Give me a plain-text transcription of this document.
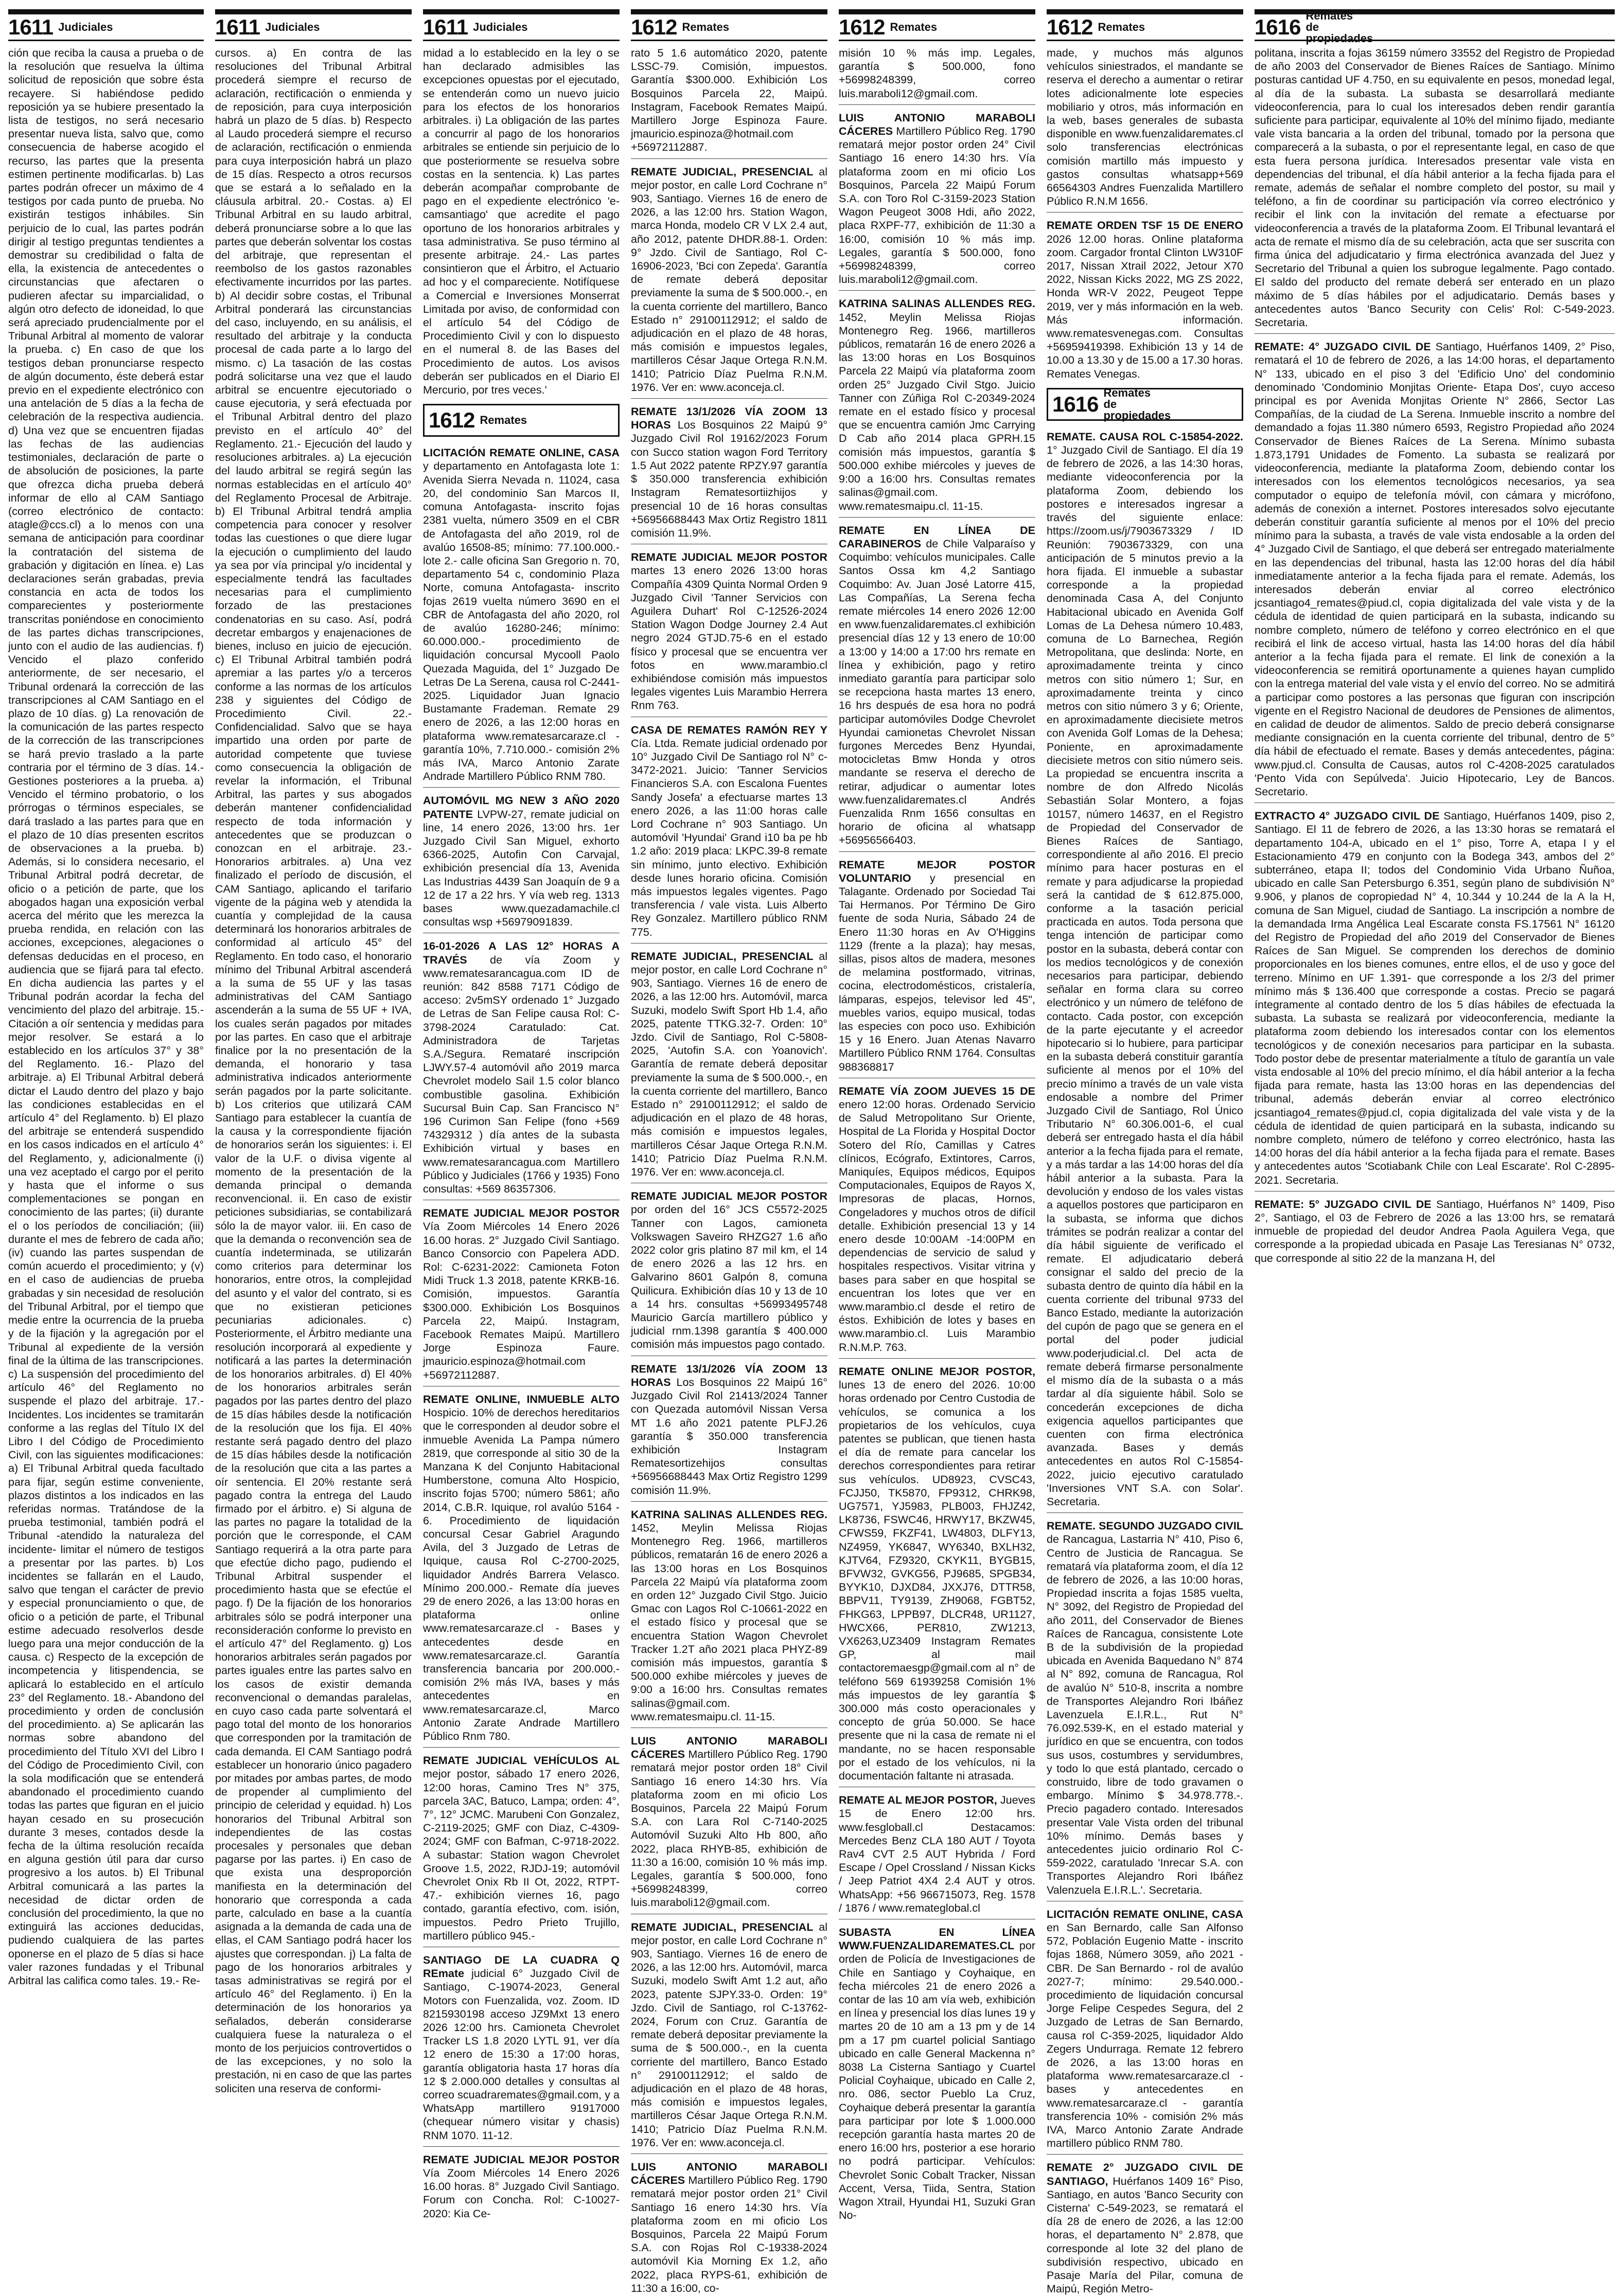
1611 Judiciales	1611 Judiciales	1611 Judiciales	1612 Remates	1612 Remates	1612 Remates	1616 Remates de propiedades

ción que reciba la causa a prueba o de la resolución que resuelva la última solicitud de reposición que sobre ésta recayere. Si habiéndose pedido reposición ya se hubiere presentado la lista de testigos, no será necesario presentar nueva lista, salvo que, como consecuencia de haberse acogido el recurso, las partes que la presenta estimen pertinente modificarlas. b) Las partes podrán ofrecer un máximo de 4 testigos por cada punto de prueba. No existirán testigos inhábiles. Sin perjuicio de lo cual, las partes podrán dirigir al testigo preguntas tendientes a demostrar su credibilidad o falta de ella, la existencia de antecedentes o circunstancias que afectaren o pudieren afectar su imparcialidad, o algún otro defecto de idoneidad, lo que será apreciado prudencialmente por el Tribunal Arbitral al momento de valorar la prueba. c) En caso de que los testigos deban pronunciarse respecto de algún documento, éste deberá estar previo en el expediente electrónico con una antelación de 5 días a la fecha de celebración de la respectiva audiencia. d) Una vez que se encuentren fijadas las fechas de las audiencias testimoniales, declaración de parte o de absolución de posiciones, la parte que ofrezca dicha prueba deberá informar de ello al CAM Santiago (correo electrónico de contacto: atagle@ccs.cl) a lo menos con una semana de anticipación para coordinar la contratación del sistema de grabación y digitación en línea. e) Las declaraciones serán grabadas, previa constancia en acta de todos los comparecientes y posteriormente transcritas poniéndose en conocimiento de las partes dichas transcripciones, junto con el audio de las audiencias. f) Vencido el plazo conferido anteriormente, de ser necesario, el Tribunal ordenará la corrección de las transcripciones al CAM Santiago en el plazo de 10 días. g) La renovación de la comunicación de las partes respecto de la corrección de las transcripciones se hará previo traslado a la parte contraria por el término de 3 días. 14.- Gestiones posteriores a la prueba. a) Vencido el término probatorio, o los prórrogas o términos especiales, se dará traslado a las partes para que en el plazo de 10 días presenten escritos de observaciones a la prueba. b) Además, si lo considera necesario, el Tribunal Arbitral podrá decretar, de oficio o a petición de parte, que los abogados hagan una exposición verbal acerca del mérito que les merezca la prueba rendida, en relación con las acciones, excepciones, alegaciones o defensas deducidas en el proceso, en audiencia que se fijará para tal efecto. En dicha audiencia las partes y el Tribunal podrán acordar la fecha del vencimiento del plazo del arbitraje. 15.- Citación a oír sentencia y medidas para mejor resolver. Se estará a lo establecido en los artículos 37° y 38° del Reglamento. 16.- Plazo del arbitraje. a) El Tribunal Arbitral deberá dictar el Laudo dentro del plazo y bajo las condiciones establecidas en el artículo 4° del Reglamento. b) El plazo del arbitraje se entenderá suspendido en los casos indicados en el artículo 4° del Reglamento, y, adicionalmente (i) una vez aceptado el cargo por el perito y hasta que el informe o sus complementaciones se pongan en conocimiento de las partes; (ii) durante el o los períodos de conciliación; (iii) durante el mes de febrero de cada año; (iv) cuando las partes suspendan de común acuerdo el procedimiento; y (v) en el caso de audiencias de prueba grabadas y sin necesidad de resolución del Tribunal Arbitral, por el tiempo que medie entre la ocurrencia de la prueba y de la fijación y la agregación por el Tribunal al expediente de la versión final de la última de las transcripciones. c) La suspensión del procedimiento del artículo 46° del Reglamento no suspende el plazo del arbitraje. 17.- Incidentes. Los incidentes se tramitarán conforme a las reglas del Título IX del Libro I del Código de Procedimiento Civil, con las siguientes modificaciones: a) El Tribunal Arbitral queda facultado para fijar, según estime conveniente, plazos distintos a los indicados en las referidas normas. Tratándose de la prueba testimonial, también podrá el Tribunal -atendido la naturaleza del incidente- limitar el número de testigos a presentar por las partes. b) Los incidentes se fallarán en el Laudo, salvo que tengan el carácter de previo y especial pronunciamiento o que, de oficio o a petición de parte, el Tribunal estime adecuado resolverlos desde luego para una mejor conducción de la causa. c) Respecto de la excepción de incompetencia y litispendencia, se aplicará lo establecido en el artículo 23° del Reglamento. 18.- Abandono del procedimiento y orden de conclusión del procedimiento. a) Se aplicarán las normas sobre abandono del procedimiento del Título XVI del Libro I del Código de Procedimiento Civil, con la sola modificación que se entenderá abandonado el procedimiento cuando todas las partes que figuran en el juicio hayan cesado en su prosecución durante 3 meses, contados desde la fecha de la última resolución recaída en alguna gestión útil para dar curso progresivo a los autos. b) El Tribunal Arbitral comunicará a las partes la necesidad de dictar orden de conclusión del procedimiento, la que no extinguirá las acciones deducidas, pudiendo cualquiera de las partes oponerse en el plazo de 5 días si hace valer razones fundadas y el Tribunal Arbitral las califica como tales. 19.- Re-

cursos. a) En contra de las resoluciones del Tribunal Arbitral procederá siempre el recurso de aclaración, rectificación o enmienda y de reposición, para cuya interposición habrá un plazo de 5 días. b) Respecto al Laudo procederá siempre el recurso de aclaración, rectificación o enmienda para cuya interposición habrá un plazo de 15 días. Respecto a otros recursos que se estará a lo señalado en la cláusula arbitral. 20.- Costas. a) El Tribunal Arbitral en su laudo arbitral, deberá pronunciarse sobre a lo que las partes que deberán solventar los costas del arbitraje, que representan el reembolso de los gastos razonables efectivamente incurridos por las partes. b) Al decidir sobre costas, el Tribunal Arbitral ponderará las circunstancias del caso, incluyendo, en su análisis, el resultado del arbitraje y la conducta procesal de cada parte a lo largo del mismo. c) La tasación de las costas podrá solicitarse una vez que el laudo arbitral se encuentre ejecutoriado o cause ejecutoria, y será efectuada por el Tribunal Arbitral dentro del plazo previsto en el artículo 40° del Reglamento. 21.- Ejecución del laudo y resoluciones arbitrales. a) La ejecución del laudo arbitral se regirá según las normas establecidas en el artículo 40° del Reglamento Procesal de Arbitraje. b) El Tribunal Arbitral tendrá amplia competencia para conocer y resolver todas las cuestiones o que diere lugar la ejecución o cumplimiento del laudo ya sea por vía principal y/o incidental y especialmente tendrá las facultades necesarias para el cumplimiento forzado de las prestaciones condenatorias en su caso. Así, podrá decretar embargos y enajenaciones de bienes, incluso en juicio de ejecución. c) El Tribunal Arbitral también podrá apremiar a las partes y/o a terceros conforme a las normas de los artículos 238 y siguientes del Código de Procedimiento Civil. 22.- Confidencialidad. Salvo que se haya impartido una orden por parte de autoridad competente que tuviese como consecuencia la obligación de revelar la información, el Tribunal Arbitral, las partes y sus abogados deberán mantener confidencialidad respecto de toda información y antecedentes que se produzcan o conozcan en el arbitraje. 23.- Honorarios arbitrales. a) Una vez finalizado el período de discusión, el CAM Santiago, aplicando el tarifario vigente de la página web y atendida la cuantía y complejidad de la causa determinará los honorarios arbitrales de conformidad al artículo 45° del Reglamento. En todo caso, el honorario mínimo del Tribunal Arbitral ascenderá a la suma de 55 UF y las tasas administrativas del CAM Santiago ascenderán a la suma de 55 UF + IVA, los cuales serán pagados por mitades por las partes. En caso que el arbitraje finalice por la no presentación de la demanda, el honorario y tasa administrativa indicados anteriormente serán pagados por la parte solicitante. b) Los criterios que utilizará CAM Santiago para establecer la cuantía de la causa y la correspondiente fijación de honorarios serán los siguientes: i. El valor de la U.F. o divisa vigente al momento de la presentación de la demanda principal o demanda reconvencional. ii. En caso de existir peticiones subsidiarias, se contabilizará sólo la de mayor valor. iii. En caso de que la demanda o reconvención sea de cuantía indeterminada, se utilizarán como criterios para determinar los honorarios, entre otros, la complejidad del asunto y el valor del contrato, si es que no existieran peticiones pecuniarias adicionales. c) Posteriormente, el Árbitro mediante una resolución incorporará al expediente y notificará a las partes la determinación de los honorarios arbitrales. d) El 40% de los honorarios arbitrales serán pagados por las partes dentro del plazo de 15 días hábiles desde la notificación de la resolución que los fija. El 40% restante será pagado dentro del plazo de 15 días hábiles desde la notificación de la resolución que cita a las partes a oír sentencia. El 20% restante será pagado contra la entrega del Laudo firmado por el árbitro. e) Si alguna de las partes no pagare la totalidad de la porción que le corresponde, el CAM Santiago requerirá a la otra parte para que efectúe dicho pago, pudiendo el Tribunal Arbitral suspender el procedimiento hasta que se efectúe el pago. f) De la fijación de los honorarios arbitrales sólo se podrá interponer una reconsideración conforme lo previsto en el artículo 47° del Reglamento. g) Los honorarios arbitrales serán pagados por partes iguales entre las partes salvo en los casos de existir demanda reconvencional o demandas paralelas, en cuyo caso cada parte solventará el pago total del monto de los honorarios que corresponden por la tramitación de cada demanda. El CAM Santiago podrá establecer un honorario único pagadero por mitades por ambas partes, de modo de propender al cumplimiento del principio de celeridad y equidad. h) Los honorarios del Tribunal Arbitral son independientes de las costas procesales y personales que deban pagarse por las partes. i) En caso de que exista una desproporción manifiesta en la determinación del honorario que corresponda a cada parte, calculado en base a la cuantía asignada a la demanda de cada una de ellas, el CAM Santiago podrá hacer los ajustes que correspondan. j) La falta de pago de los honorarios arbitrales y tasas administrativas se regirá por el artículo 46° del Reglamento. i) En la determinación de los honorarios ya señalados, deberán considerarse cualquiera fuese la naturaleza o el monto de los perjuicios controvertidos o de las excepciones, y no solo la prestación, ni en caso de que las partes soliciten una reserva de conformi-

midad a lo establecido en la ley o se han declarado admisibles las excepciones opuestas por el ejecutado, se entenderán como un nuevo juicio para los efectos de los honorarios arbitrales. i) La obligación de las partes a concurrir al pago de los honorarios arbitrales se entiende sin perjuicio de lo que posteriormente se resuelva sobre costas en la sentencia. k) Las partes deberán acompañar comprobante de pago en el expediente electrónico 'e-camsantiago' que acredite el pago oportuno de los honorarios arbitrales y tasa administrativa. Se puso término al presente arbitraje. 24.- Las partes consintieron que el Árbitro, el Actuario ad hoc y el compareciente. Notifíquese a Comercial e Inversiones Monserrat Limitada por aviso, de conformidad con el artículo 54 del Código de Procedimiento Civil y con lo dispuesto en el numeral 8. de las Bases del Procedimiento de autos. Los avisos deberán ser publicados en el Diario El Mercurio, por tres veces.'

1612 Remates

LICITACIÓN REMATE ONLINE, CASA y departamento en Antofagasta lote 1: Avenida Sierra Nevada n. 11024, casa 20, del condominio San Marcos II, comuna Antofagasta- inscrito fojas 2381 vuelta, número 3509 en el CBR de Antofagasta del año 2019, rol de avalúo 16508-85; mínimo: 77.100.000.- lote 2.- calle oficina San Gregorio n. 70, departamento 54 c, condominio Plaza Norte, comuna Antofagasta- inscrito fojas 2619 vuelta número 3690 en el CBR de Antofagasta del año 2020, rol de avalúo 16280-246; mínimo: 60.000.000.- procedimiento de liquidación concursal Mycooll Paolo Quezada Maguida, del 1° Juzgado De Letras De La Serena, causa rol C-2441-2025. Liquidador Juan Ignacio Bustamante Frademan. Remate 29 enero de 2026, a las 12:00 horas en plataforma www.rematesarcaraze.cl - garantía 10%, 7.710.000.- comisión 2% más IVA, Marco Antonio Zarate Andrade Martillero Público RNM 780.

AUTOMÓVIL MG NEW 3 AÑO 2020 PATENTE LVPW-27, remate judicial on line, 14 enero 2026, 13:00 hrs. 1er Juzgado Civil San Miguel, exhorto 6366-2025, Autofin Con Carvajal, exhibición presencial día 13, Avenida Las Industrias 4439 San Joaquín de 9 a 12 de 17 a 22 hrs. Y vía web reg. 1313 bases www.quezadamachile.cl consultas wsp +56979091839.

16-01-2026 A LAS 12° HORAS A TRAVÉS de vía Zoom y www.rematesarancagua.com ID de reunión: 842 8588 7171 Código de acceso: 2v5mSY ordenado 1° Juzgado de Letras de San Felipe causa Rol: C-3798-2024 Caratulado: Cat. Administradora de Tarjetas S.A./Segura. Remataré inscripción LJWY.57-4 automóvil año 2019 marca Chevrolet modelo Sail 1.5 color blanco combustible gasolina. Exhibición Sucursal Buin Cap. San Francisco N° 196 Curimon San Felipe (fono +569 74329312 ) día antes de la subasta Exhibición virtual y bases en www.rematesarancagua.com Martillero Público y Judiciales (1766 y 1935) Fono consultas: +569 86357306.

REMATE JUDICIAL MEJOR POSTOR Vía Zoom Miércoles 14 Enero 2026 16.00 horas. 2° Juzgado Civil Santiago. Banco Consorcio con Papelera ADD. Rol: C-6231-2022: Camioneta Foton Midi Truck 1.3 2018, patente KRKB-16. Comisión, impuestos. Garantía $300.000. Exhibición Los Bosquinos Parcela 22, Maipú. Instagram, Facebook Remates Maipú. Martillero Jorge Espinoza Faure. jmauricio.espinoza@hotmail.com +56972112887.

REMATE ONLINE, INMUEBLE ALTO Hospicio. 10% de derechos hereditarios que le corresponden al deudor sobre el inmueble Avenida La Pampa número 2819, que corresponde al sitio 30 de la Manzana K del Conjunto Habitacional Humberstone, comuna Alto Hospicio, inscrito fojas 5700; número 5861; año 2014, C.B.R. Iquique, rol avalúo 5164 - 6. Procedimiento de liquidación concursal Cesar Gabriel Aragundo Avila, del 3 Juzgado de Letras de Iquique, causa Rol C-2700-2025, liquidador Andrés Barrera Velasco. Mínimo 200.000.- Remate día jueves 29 de enero 2026, a las 13:00 horas en plataforma online www.rematesarcaraze.cl - Bases y antecedentes desde en www.rematesarcaraze.cl. Garantía transferencia bancaria por 200.000.- comisión 2% más IVA, bases y más antecedentes en www.rematesarcaraze.cl, Marco Antonio Zarate Andrade Martillero Público Rnm 780.

REMATE JUDICIAL VEHÍCULOS AL mejor postor, sábado 17 enero 2026, 12:00 horas, Camino Tres N° 375, parcela 3AC, Batuco, Lampa; orden: 4°, 7°, 12° JCMC. Marubeni Con Gonzalez, C-2119-2025; GMF con Diaz, C-4309-2024; GMF con Bafman, C-9718-2022. A subastar: Station wagon Chevrolet Groove 1.5, 2022, RJDJ-19; automóvil Chevrolet Onix Rb II Ot, 2022, RTPT-47.- exhibición viernes 16, pago contado, garantía efectivo, com. isión, impuestos. Pedro Prieto Trujillo, martillero público 945.-

SANTIAGO DE LA CUADRA Q REmate judicial 6° Juzgado Civil de Santiago, C-19074-2023, General Motors con Fuenzalida, voz. Zoom. ID 8215930198 acceso JZ9Mxt 13 enero 2026 12:00 hrs. Camioneta Chevrolet Tracker LS 1.8 2020 LYTL 91, ver día 12 enero de 15:30 a 17:00 horas, garantía obligatoria hasta 17 horas día 12 $ 2.000.000 detalles y consultas al correo scuadraremates@gmail.com, y a WhatsApp martillero 91917000 (chequear número visitar y chasis) RNM 1070. 11-12.

REMATE JUDICIAL MEJOR POSTOR Vía Zoom Miércoles 14 Enero 2026 16.00 horas. 8° Juzgado Civil Santiago. Forum con Concha. Rol: C-10027-2020: Kia Ce-

rato 5 1.6 automático 2020, patente LSSC-79. Comisión, impuestos. Garantía $300.000. Exhibición Los Bosquinos Parcela 22, Maipú. Instagram, Facebook Remates Maipú. Martillero Jorge Espinoza Faure. jmauricio.espinoza@hotmail.com +56972112887.

REMATE JUDICIAL, PRESENCIAL al mejor postor, en calle Lord Cochrane n° 903, Santiago. Viernes 16 de enero de 2026, a las 12:00 hrs. Station Wagon, marca Honda, modelo CR V LX 2.4 aut, año 2012, patente DHDR.88-1. Orden: 9° Jzdo. Civil de Santiago, Rol C-16906-2023, 'Bci con Zepeda'. Garantía de remate deberá depositar previamente la suma de $ 500.000.-, en la cuenta corriente del martillero, Banco Estado n° 29100112912; el saldo de adjudicación en el plazo de 48 horas, más comisión e impuestos legales, martilleros César Jaque Ortega R.N.M. 1410; Patricio Díaz Puelma R.N.M. 1976. Ver en: www.aconceja.cl.

REMATE 13/1/2026 VÍA ZOOM 13 HORAS Los Bosquinos 22 Maipú 9° Juzgado Civil Rol 19162/2023 Forum con Succo station wagon Ford Territory 1.5 Aut 2022 patente RPZY.97 garantía $ 350.000 transferencia exhibición Instagram Rematesortiizhijos y presencial 10 de 16 horas consultas +56956688443 Max Ortiz Registro 1811 comisión 11.9%.

REMATE JUDICIAL MEJOR POSTOR martes 13 enero 2026 13:00 horas Compañía 4309 Quinta Normal Orden 9 Juzgado Civil 'Tanner Servicios con Aguilera Duhart' Rol C-12526-2024 Station Wagon Dodge Journey 2.4 Aut negro 2024 GTJD.75-6 en el estado físico y procesal que se encuentra ver fotos en www.marambio.cl exhibiéndose comisión más impuestos legales vigentes Luis Marambio Herrera Rnm 763.

CASA DE REMATES RAMÓN REY Y Cía. Ltda. Remate judicial ordenado por 10° Juzgado Civil De Santiago rol N° c-3472-2021. Juicio: 'Tanner Servicios Financieros S.A. con Escalona Fuentes Sandy Josefa' a efectuarse martes 13 enero 2026, a las 11:00 horas calle Lord Cochrane n° 903 Santiago. Un automóvil 'Hyundai' Grand i10 ba pe hb 1.2 año: 2019 placa: LKPC.39-8 remate sin mínimo, junto electivo. Exhibición desde lunes horario oficina. Comisión más impuestos legales vigentes. Pago transferencia / vale vista. Luis Alberto Rey Gonzalez. Martillero público RNM 775.

REMATE JUDICIAL, PRESENCIAL al mejor postor, en calle Lord Cochrane n° 903, Santiago. Viernes 16 de enero de 2026, a las 12:00 hrs. Automóvil, marca Suzuki, modelo Swift Sport Hb 1.4, año 2025, patente TTKG.32-7. Orden: 10° Jzdo. Civil de Santiago, Rol C-5808-2025, 'Autofin S.A. con Yoanovich'. Garantía de remate deberá depositar previamente la suma de $ 500.000.-, en la cuenta corriente del martillero, Banco Estado n° 29100112912; el saldo de adjudicación en el plazo de 48 horas, más comisión e impuestos legales, martilleros César Jaque Ortega R.N.M. 1410; Patricio Díaz Puelma R.N.M. 1976. Ver en: www.aconceja.cl.

REMATE JUDICIAL MEJOR POSTOR por orden del 16° JCS C5572-2025 Tanner con Lagos, camioneta Volkswagen Saveiro RHZG27 1.6 año 2022 color gris platino 87 mil km, el 14 de enero 2026 a las 12 hrs. en Galvarino 8601 Galpón 8, comuna Quilicura. Exhibición días 10 y 13 de 10 a 14 hrs. consultas +56993495748 Mauricio García martillero público y judicial rnm.1398 garantía $ 400.000 comisión más impuestos pago contado.

REMATE 13/1/2026 VÍA ZOOM 13 HORAS Los Bosquinos 22 Maipú 16° Juzgado Civil Rol 21413/2024 Tanner con Quezada automóvil Nissan Versa MT 1.6 año 2021 patente PLFJ.26 garantía $ 350.000 transferencia exhibición Instagram Rematesortizehijos consultas +56956688443 Max Ortiz Registro 1299 comisión 11.9%.

KATRINA SALINAS ALLENDES REG. 1452, Meylin Melissa Riojas Montenegro Reg. 1966, martilleros públicos, rematarán 16 de enero 2026 a las 13:00 horas en Los Bosquinos Parcela 22 Maipú vía plataforma zoom en orden 12° Juzgado Civil Stgo. Juicio Gmac con Lagos Rol C-10661-2022 en el estado físico y procesal que se encuentra Station Wagon Chevrolet Tracker 1.2T año 2021 placa PHYZ-89 comisión más impuestos, garantía $ 500.000 exhibe miércoles y jueves de 9:00 a 16:00 hrs. Consultas remates salinas@gmail.com. www.rematesmaipu.cl. 11-15.

LUIS ANTONIO MARABOLI CÁCERES Martillero Público Reg. 1790 rematará mejor postor orden 18° Civil Santiago 16 enero 14:30 hrs. Vía plataforma zoom en mi oficio Los Bosquinos, Parcela 22 Maipú Forum S.A. con Lara Rol C-7140-2025 Automóvil Suzuki Alto Hb 800, año 2022, placa RHYB-85, exhibición de 11:30 a 16:00, comisión 10 % más imp. Legales, garantía $ 500.000, fono +56998248399, correo luis.maraboli12@gmail.com.

REMATE JUDICIAL, PRESENCIAL al mejor postor, en calle Lord Cochrane n° 903, Santiago. Viernes 16 de enero de 2026, a las 12:00 hrs. Automóvil, marca Suzuki, modelo Swift Amt 1.2 aut, año 2023, patente SJPY.33-0. Orden: 19° Jzdo. Civil de Santiago, rol C-13762-2024, Forum con Cruz. Garantía de remate deberá depositar previamente la suma de $ 500.000.-, en la cuenta corriente del martillero, Banco Estado n° 29100112912; el saldo de adjudicación en el plazo de 48 horas, más comisión e impuestos legales, martilleros César Jaque Ortega R.N.M. 1410; Patricio Díaz Puelma R.N.M. 1976. Ver en: www.aconceja.cl.

LUIS ANTONIO MARABOLI CÁCERES Martillero Público Reg. 1790 rematará mejor postor orden 21° Civil Santiago 16 enero 14:30 hrs. Vía plataforma zoom en mi oficio Los Bosquinos, Parcela 22 Maipú Forum S.A. con Rojas Rol C-19338-2024 automóvil Kia Morning Ex 1.2, año 2022, placa RYPS-61, exhibición de 11:30 a 16:00, co-

misión 10 % más imp. Legales, garantía $ 500.000, fono +56998248399, correo luis.maraboli12@gmail.com.

LUIS ANTONIO MARABOLI CÁCERES Martillero Público Reg. 1790 rematará mejor postor orden 24° Civil Santiago 16 enero 14:30 hrs. Vía plataforma zoom en mi oficio Los Bosquinos, Parcela 22 Maipú Forum S.A. con Toro Rol C-3159-2023 Station Wagon Peugeot 3008 Hdi, año 2022, placa RXPF-77, exhibición de 11:30 a 16:00, comisión 10 % más imp. Legales, garantía $ 500.000, fono +56998248399, correo luis.maraboli12@gmail.com.

KATRINA SALINAS ALLENDES REG. 1452, Meylin Melissa Riojas Montenegro Reg. 1966, martilleros públicos, rematarán 16 de enero 2026 a las 13:00 horas en Los Bosquinos Parcela 22 Maipú vía plataforma zoom orden 25° Juzgado Civil Stgo. Juicio Tanner con Zúñiga Rol C-20349-2024 remate en el estado físico y procesal que se encuentra camión Jmc Carrying D Cab año 2014 placa GPRH.15 comisión más impuestos, garantía $ 500.000 exhibe miércoles y jueves de 9:00 a 16:00 hrs. Consultas remates salinas@gmail.com. www.rematesmaipu.cl. 11-15.

REMATE EN LÍNEA DE CARABINEROS de Chile Valparaíso y Coquimbo: vehículos municipales. Calle Santos Ossa km 4,2 Santiago Coquimbo: Av. Juan José Latorre 415, Las Compañías, La Serena fecha remate miércoles 14 enero 2026 12:00 en www.fuenzalidaremates.cl exhibición presencial días 12 y 13 enero de 10:00 a 13:00 y 14:00 a 17:00 hrs remate en línea y exhibición, pago y retiro inmediato garantía para participar solo se recepciona hasta martes 13 enero, 16 hrs después de esa hora no podrá participar automóviles Dodge Chevrolet Hyundai camionetas Chevrolet Nissan furgones Mercedes Benz Hyundai, motocicletas Bmw Honda y otros mandante se reserva el derecho de retirar, adjudicar o aumentar lotes www.fuenzalidaremates.cl Andrés Fuenzalida Rnm 1656 consultas en horario de oficina al whatsapp +56956566403.

REMATE MEJOR POSTOR VOLUNTARIO y presencial en Talagante. Ordenado por Sociedad Tai Tai Hermanos. Por Término De Giro fuente de soda Nuria, Sábado 24 de Enero 11:30 horas en Av O'Higgins 1129 (frente a la plaza); hay mesas, sillas, pisos altos de madera, mesones de melamina postformado, vitrinas, cocina, electrodomésticos, cristalería, lámparas, espejos, televisor led 45", muebles varios, equipo musical, todas las especies con poco uso. Exhibición 15 y 16 Enero. Juan Atenas Navarro Martillero Público RNM 1764. Consultas 988368817

REMATE VÍA ZOOM JUEVES 15 DE enero 12:00 horas. Ordenado Servicio de Salud Metropolitano Sur Oriente, Hospital de La Florida y Hospital Doctor Sotero del Río, Camillas y Catres clínicos, Ecógrafo, Extintores, Carros, Maniquíes, Equipos médicos, Equipos Computacionales, Equipos de Rayos X, Impresoras de placas, Hornos, Congeladores y muchos otros de difícil detalle. Exhibición presencial 13 y 14 enero desde 10:00AM -14:00PM en dependencias de servicio de salud y hospitales respectivos. Visitar vitrina y bases para saber en que hospital se encuentran los lotes que ver en www.marambio.cl desde el retiro de éstos. Exhibición de lotes y bases en www.marambio.cl. Luis Marambio R.N.M.P. 763.

REMATE ONLINE MEJOR POSTOR, lunes 13 de enero del 2026. 10:00 horas ordenado por Centro Custodia de vehículos, se comunica a los propietarios de los vehículos, cuya patentes se publican, que tienen hasta el día de remate para cancelar los derechos correspondientes para retirar sus vehículos. UD8923, CVSC43, FCJJ50, TK5870, FP9312, CHRK98, UG7571, YJ5983, PLB003, FHJZ42, LK8736, FSWC46, HRWY17, BKZW45, CFWS59, FKZF41, LW4803, DLFY13, NZ4959, YK6847, WY6340, BXLH32, KJTV64, FZ9320, CKYK11, BYGB15, BFVW32, GVKG56, PJ9685, SPGB34, BYYK10, DJXD84, JXXJ76, DTTR58, BBPV11, TY9139, ZH9068, FGBT52, FHKG63, LPPB97, DLCR48, UR1127, HWCX66, PER810, ZW1213, VX6263,UZ3409 Instagram Remates GP, al mail contactoremaesgp@gmail.com al n° de teléfono 569 61939258 Comisión 1% más impuestos de ley garantía $ 300.000 más costo operacionales y concepto de grúa 50.000. Se hace presente que ni la casa de remate ni el mandante, no se hacen responsable por el estado de los vehículos, ni la documentación faltante ni atrasada.

REMATE AL MEJOR POSTOR, Jueves 15 de Enero 12:00 hrs. www.fesgloball.cl Destacamos: Mercedes Benz CLA 180 AUT / Toyota Rav4 CVT 2.5 AUT Hybrida / Ford Escape / Opel Crossland / Nissan Kicks / Jeep Patriot 4X4 2.4 AUT y otros. WhatsApp: +56 966715073, Reg. 1578 / 1876 / www.remateglobal.cl

SUBASTA EN LÍNEA WWW.FUENZALIDAREMATES.CL por orden de Policía de Investigaciones de Chile en Santiago y Coyhaique, en fecha miércoles 21 de enero 2026 a contar de las 10 am vía web, exhibición en línea y presencial los días lunes 19 y martes 20 de 10 am a 13 pm y de 14 pm a 17 pm cuartel policial Santiago ubicado en calle General Mackenna n° 8038 La Cisterna Santiago y Cuartel Policial Coyhaique, ubicado en Calle 2, nro. 086, sector Pueblo La Cruz, Coyhaique deberá presentar la garantía para participar por lote $ 1.000.000 recepción garantía hasta martes 20 de enero 16:00 hrs, posterior a ese horario no podrá participar. Vehículos: Chevrolet Sonic Cobalt Tracker, Nissan Accent, Versa, Tiida, Sentra, Station Wagon Xtrail, Hyundai H1, Suzuki Gran No-

made, y muchos más algunos vehículos siniestrados, el mandante se reserva el derecho a aumentar o retirar lotes adicionalmente lote especies mobiliario y otros, más información en la web, bases generales de subasta disponible en www.fuenzalidaremates.cl solo transferencias electrónicas comisión martillo más impuesto y gastos consultas whatsapp+569 66564303 Andres Fuenzalida Martillero Público R.N.M 1656.

REMATE ORDEN TSF 15 DE ENERO 2026 12.00 horas. Online plataforma zoom. Cargador frontal Clinton LW310F 2017, Nissan Xtrail 2022, Jetour X70 2022, Nissan Kicks 2022, MG ZS 2022, Honda WR-V 2022, Peugeot Teppe 2019, ver y más información en la web. Más información. www.rematesvenegas.com. Consultas +56959419398. Exhibición 13 y 14 de 10.00 a 13.30 y de 15.00 a 17.30 horas. Remates Venegas.

1616 Remates de propiedades

REMATE. CAUSA ROL C-15854-2022. 1° Juzgado Civil de Santiago. El día 19 de febrero de 2026, a las 14:30 horas, mediante videoconferencia por la plataforma Zoom, debiendo los postores e interesados ingresar a través del siguiente enlace: https://zoom.us/j/7903673329 / ID Reunión: 7903673329, con una anticipación de 5 minutos previo a la hora fijada. El inmueble a subastar corresponde a la propiedad denominada Casa A, del Conjunto Habitacional ubicado en Avenida Golf Lomas de La Dehesa número 10.483, comuna de Lo Barnechea, Región Metropolitana, que deslinda: Norte, en aproximadamente treinta y cinco metros con sitio número 1; Sur, en aproximadamente treinta y cinco metros con sitio número 3 y 6; Oriente, en aproximadamente diecisiete metros con Avenida Golf Lomas de la Dehesa; Poniente, en aproximadamente diecisiete metros con sitio número seis. La propiedad se encuentra inscrita a nombre de don Alfredo Nicolás Sebastián Solar Montero, a fojas 10157, número 14637, en el Registro de Propiedad del Conservador de Bienes Raíces de Santiago, correspondiente al año 2016. El precio mínimo para hacer posturas en el remate y para adjudicarse la propiedad será la cantidad de $ 612.875.000, conforme a la tasación pericial practicada en autos. Toda persona que tenga intención de participar como postor en la subasta, deberá contar con los medios tecnológicos y de conexión necesarios para participar, debiendo señalar en forma clara su correo electrónico y un número de teléfono de contacto. Cada postor, con excepción de la parte ejecutante y el acreedor hipotecario si lo hubiere, para participar en la subasta deberá constituir garantía suficiente al menos por el 10% del precio mínimo a través de un vale vista endosable a nombre del Primer Juzgado Civil de Santiago, Rol Único Tributario N° 60.306.001-6, el cual deberá ser entregado hasta el día hábil anterior a la fecha fijada para el remate, y a más tardar a las 14:00 horas del día hábil anterior a la subasta. Para la devolución y endoso de los vales vistas a aquellos postores que participaron en la subasta, se informa que dichos trámites se podrán realizar a contar del día hábil siguiente de verificado el remate. El adjudicatario deberá consignar el saldo del precio de la subasta dentro de quinto día hábil en la cuenta corriente del tribunal 9733 del Banco Estado, mediante la autorización del cupón de pago que se genera en el portal del poder judicial www.poderjudicial.cl. Del acta de remate deberá firmarse personalmente el mismo día de la subasta o a más tardar al día siguiente hábil. Solo se concederán excepciones de dicha exigencia aquellos participantes que cuenten con firma electrónica avanzada. Bases y demás antecedentes en autos Rol C-15854-2022, juicio ejecutivo caratulado 'Inversiones VNT S.A. con Solar'. Secretaria.

REMATE. SEGUNDO JUZGADO CIVIL de Rancagua, Lastarria N° 410, Piso 6, Centro de Justicia de Rancagua. Se rematará vía plataforma zoom, el día 12 de febrero de 2026, a las 10:00 horas, Propiedad inscrita a fojas 1585 vuelta, N° 3092, del Registro de Propiedad del año 2011, del Conservador de Bienes Raíces de Rancagua, consistente Lote B de la subdivisión de la propiedad ubicada en Avenida Baquedano N° 874 al N° 892, comuna de Rancagua, Rol de avalúo N° 510-8, inscrita a nombre de Transportes Alejandro Rori Ibáñez Lavenzuela E.I.R.L., Rut N° 76.092.539-K, en el estado material y jurídico en que se encuentra, con todos sus usos, costumbres y servidumbres, y todo lo que está plantado, cercado o construido, libre de todo gravamen o embargo. Mínimo $ 34.978.778.-. Precio pagadero contado. Interesados presentar Vale Vista orden del tribunal 10% mínimo. Demás bases y antecedentes juicio ordinario Rol C-559-2022, caratulado 'Inrecar S.A. con Transportes Alejandro Rori Ibáñez Valenzuela E.I.R.L.'. Secretaria.

LICITACIÓN REMATE ONLINE, CASA en San Bernardo, calle San Alfonso 572, Población Eugenio Matte - inscrito fojas 1868, Número 3059, año 2021 - CBR. De San Bernardo - rol de avalúo 2027-7; mínimo: 29.540.000.- procedimiento de liquidación concursal Jorge Felipe Cespedes Segura, del 2 Juzgado de Letras de San Bernardo, causa rol C-359-2025, liquidador Aldo Zegers Undurraga. Remate 12 febrero de 2026, a las 13:00 horas en plataforma www.rematesarcaraze.cl - bases y antecedentes en www.rematesarcaraze.cl - garantía transferencia 10% - comisión 2% más IVA, Marco Antonio Zarate Andrade martillero público RNM 780.

REMATE 2° JUZGADO CIVIL DE SANTIAGO, Huérfanos 1409 16° Piso, Santiago, en autos 'Banco Security con Cisterna' C-549-2023, se rematará el día 28 de enero de 2026, a las 12:00 horas, el departamento N° 2.878, que corresponde al lote 32 del plano de subdivisión respectivo, ubicado en Pasaje María del Pilar, comuna de Maipú, Región Metro-

politana, inscrita a fojas 36159 número 33552 del Registro de Propiedad de año 2003 del Conservador de Bienes Raíces de Santiago. Mínimo posturas cantidad UF 4.750, en su equivalente en pesos, monedad legal, al día de la subasta. La subasta se desarrollará mediante videoconferencia, para lo cual los interesados deben rendir garantía suficiente para participar, equivalente al 10% del mínimo fijado, mediante vale vista bancaria a la orden del tribunal, tomado por la persona que comparecerá a la subasta, o por el representante legal, en caso de que esta fuera persona jurídica. Interesados presentar vale vista en dependencias del tribunal, el día hábil anterior a la fecha fijada para el remate, además de señalar el nombre completo del postor, su mail y teléfono, a fin de coordinar su participación vía correo electrónico y recibir el link con la invitación del remate a efectuarse por videoconferencia a través de la plataforma Zoom. El Tribunal levantará el acta de remate el mismo día de su celebración, acta que ser suscrita con firma única del adjudicatario y firma electrónica avanzada del Juez y Secretario del Tribunal a quien los subrogue legalmente. Pago contado. El saldo del producto del remate deberá ser enterado en un plazo máximo de 5 días hábiles por el adjudicatario. Demás bases y antecedentes autos 'Banco Security con Celis' Rol: C-549-2023. Secretaria.

REMATE: 4° JUZGADO CIVIL DE Santiago, Huérfanos 1409, 2° Piso, rematará el 10 de febrero de 2026, a las 14:00 horas, el departamento N° 133, ubicado en el piso 3 del 'Edificio Uno' del condominio denominado 'Condominio Monjitas Oriente- Etapa Dos', cuyo acceso principal es por Avenida Monjitas Oriente N° 2866, Sector Las Compañías, de la ciudad de La Serena. Inmueble inscrito a nombre del demandado a fojas 11.380 número 6593, Registro Propiedad año 2024 Conservador de Bienes Raíces de La Serena. Mínimo subasta 1.873,1791 Unidades de Fomento. La subasta se realizará por videoconferencia, mediante la plataforma Zoom, debiendo contar los interesados con los elementos tecnológicos necesarios, ya sea computador o equipo de telefonía móvil, con cámara y micrófono, además de conexión a internet. Postores interesados solvo ejecutante deberán constituir garantía suficiente al menos por el 10% del precio mínimo para la subasta, a través de vale vista endosable a la orden del 4° Juzgado Civil de Santiago, el que deberá ser entregado materialmente en las dependencias del tribunal, hasta las 12:00 horas del día hábil inmediatamente anterior a la fecha fijada para el remate. Además, los interesados deberán enviar al correo electrónico jcsantiago4_remates@piud.cl, copia digitalizada del vale vista y de la cédula de identidad de quien participará en la subasta, indicando su nombre completo, número de teléfono y correo electrónico en el que recibirá el link de acceso virtual, hasta las 14:00 horas del día hábil anterior a la fecha fijada para el remate. El link de conexión a la videoconferencia se remitirá oportunamente a quienes hayan cumplido con la entrega material del vale vista y el envío del correo. No se admitirá a participar como postores a las personas que figuran con inscripción vigente en el Registro Nacional de deudores de Pensiones de alimentos, en calidad de deudor de alimentos. Saldo de precio deberá consignarse mediante consignación en la cuenta corriente del tribunal, dentro de 5° día hábil de efectuado el remate. Bases y demás antecedentes, página: www.pjud.cl. Consulta de Causas, autos rol C-4208-2025 caratulados 'Pento Vida con Sepúlveda'. Juicio Hipotecario, Ley de Bancos. Secretario.

EXTRACTO 4° JUZGADO CIVIL DE Santiago, Huérfanos 1409, piso 2, Santiago. El 11 de febrero de 2026, a las 13:30 horas se rematará el departamento 104-A, ubicado en el 1° piso, Torre A, etapa I y el Estacionamiento 479 en conjunto con la Bodega 343, ambos del 2° subterráneo, etapa II; todos del Condominio Vida Urbano Ñuñoa, ubicado en calle San Petersburgo 6.351, según plano de subdivisión N° 9.906, y planos de copropiedad N° 4, 10.344 y 10.244 de la A la H, comuna de San Miguel, ciudad de Santiago. La inscripción a nombre de la demandada Irma Angélica Leal Escarate consta FS.17561 N° 16120 del Registro de Propiedad del año 2019 del Conservador de Bienes Raíces de San Miguel. Se comprenden los derechos de dominio proporcionales en los bienes comunes, entre ellos, el de uso y goce del terreno. Mínimo en UF 1.391- que corresponde a los 2/3 del primer mínimo más $ 136.400 que corresponde a costas. Precio se pagará íntegramente al contado dentro de los 5 días hábiles de efectuada la subasta. La subasta se realizará por videoconferencia, mediante la plataforma zoom debiendo los interesados contar con los elementos tecnológicos y de conexión necesarios para participar en la subasta. Todo postor debe de presentar materialmente a título de garantía un vale vista endosable al 10% del precio mínimo, el día hábil anterior a la fecha fijada para remate, hasta las 13:00 horas en las dependencias del tribunal, además deberán enviar al correo electrónico jcsantiago4_remates@pjud.cl, copia digitalizada del vale vista y de la cédula de identidad de quien participará en la subasta, indicando su nombre completo, número de teléfono y correo electrónico, hasta las 14:00 horas del día hábil anterior a la fecha fijada para el remate. Bases y antecedentes autos 'Scotiabank Chile con Leal Escarate'. Rol C-2895-2021. Secretaria.

REMATE: 5° JUZGADO CIVIL DE Santiago, Huérfanos N° 1409, Piso 2°, Santiago, el 03 de Febrero de 2026 a las 13:00 hrs, se rematará inmueble de propiedad del deudor Andrea Paola Aguilera Vega, que corresponde a la propiedad ubicada en Pasaje Las Teresianas N° 0732, que corresponde al sitio 22 de la manzana H, del
